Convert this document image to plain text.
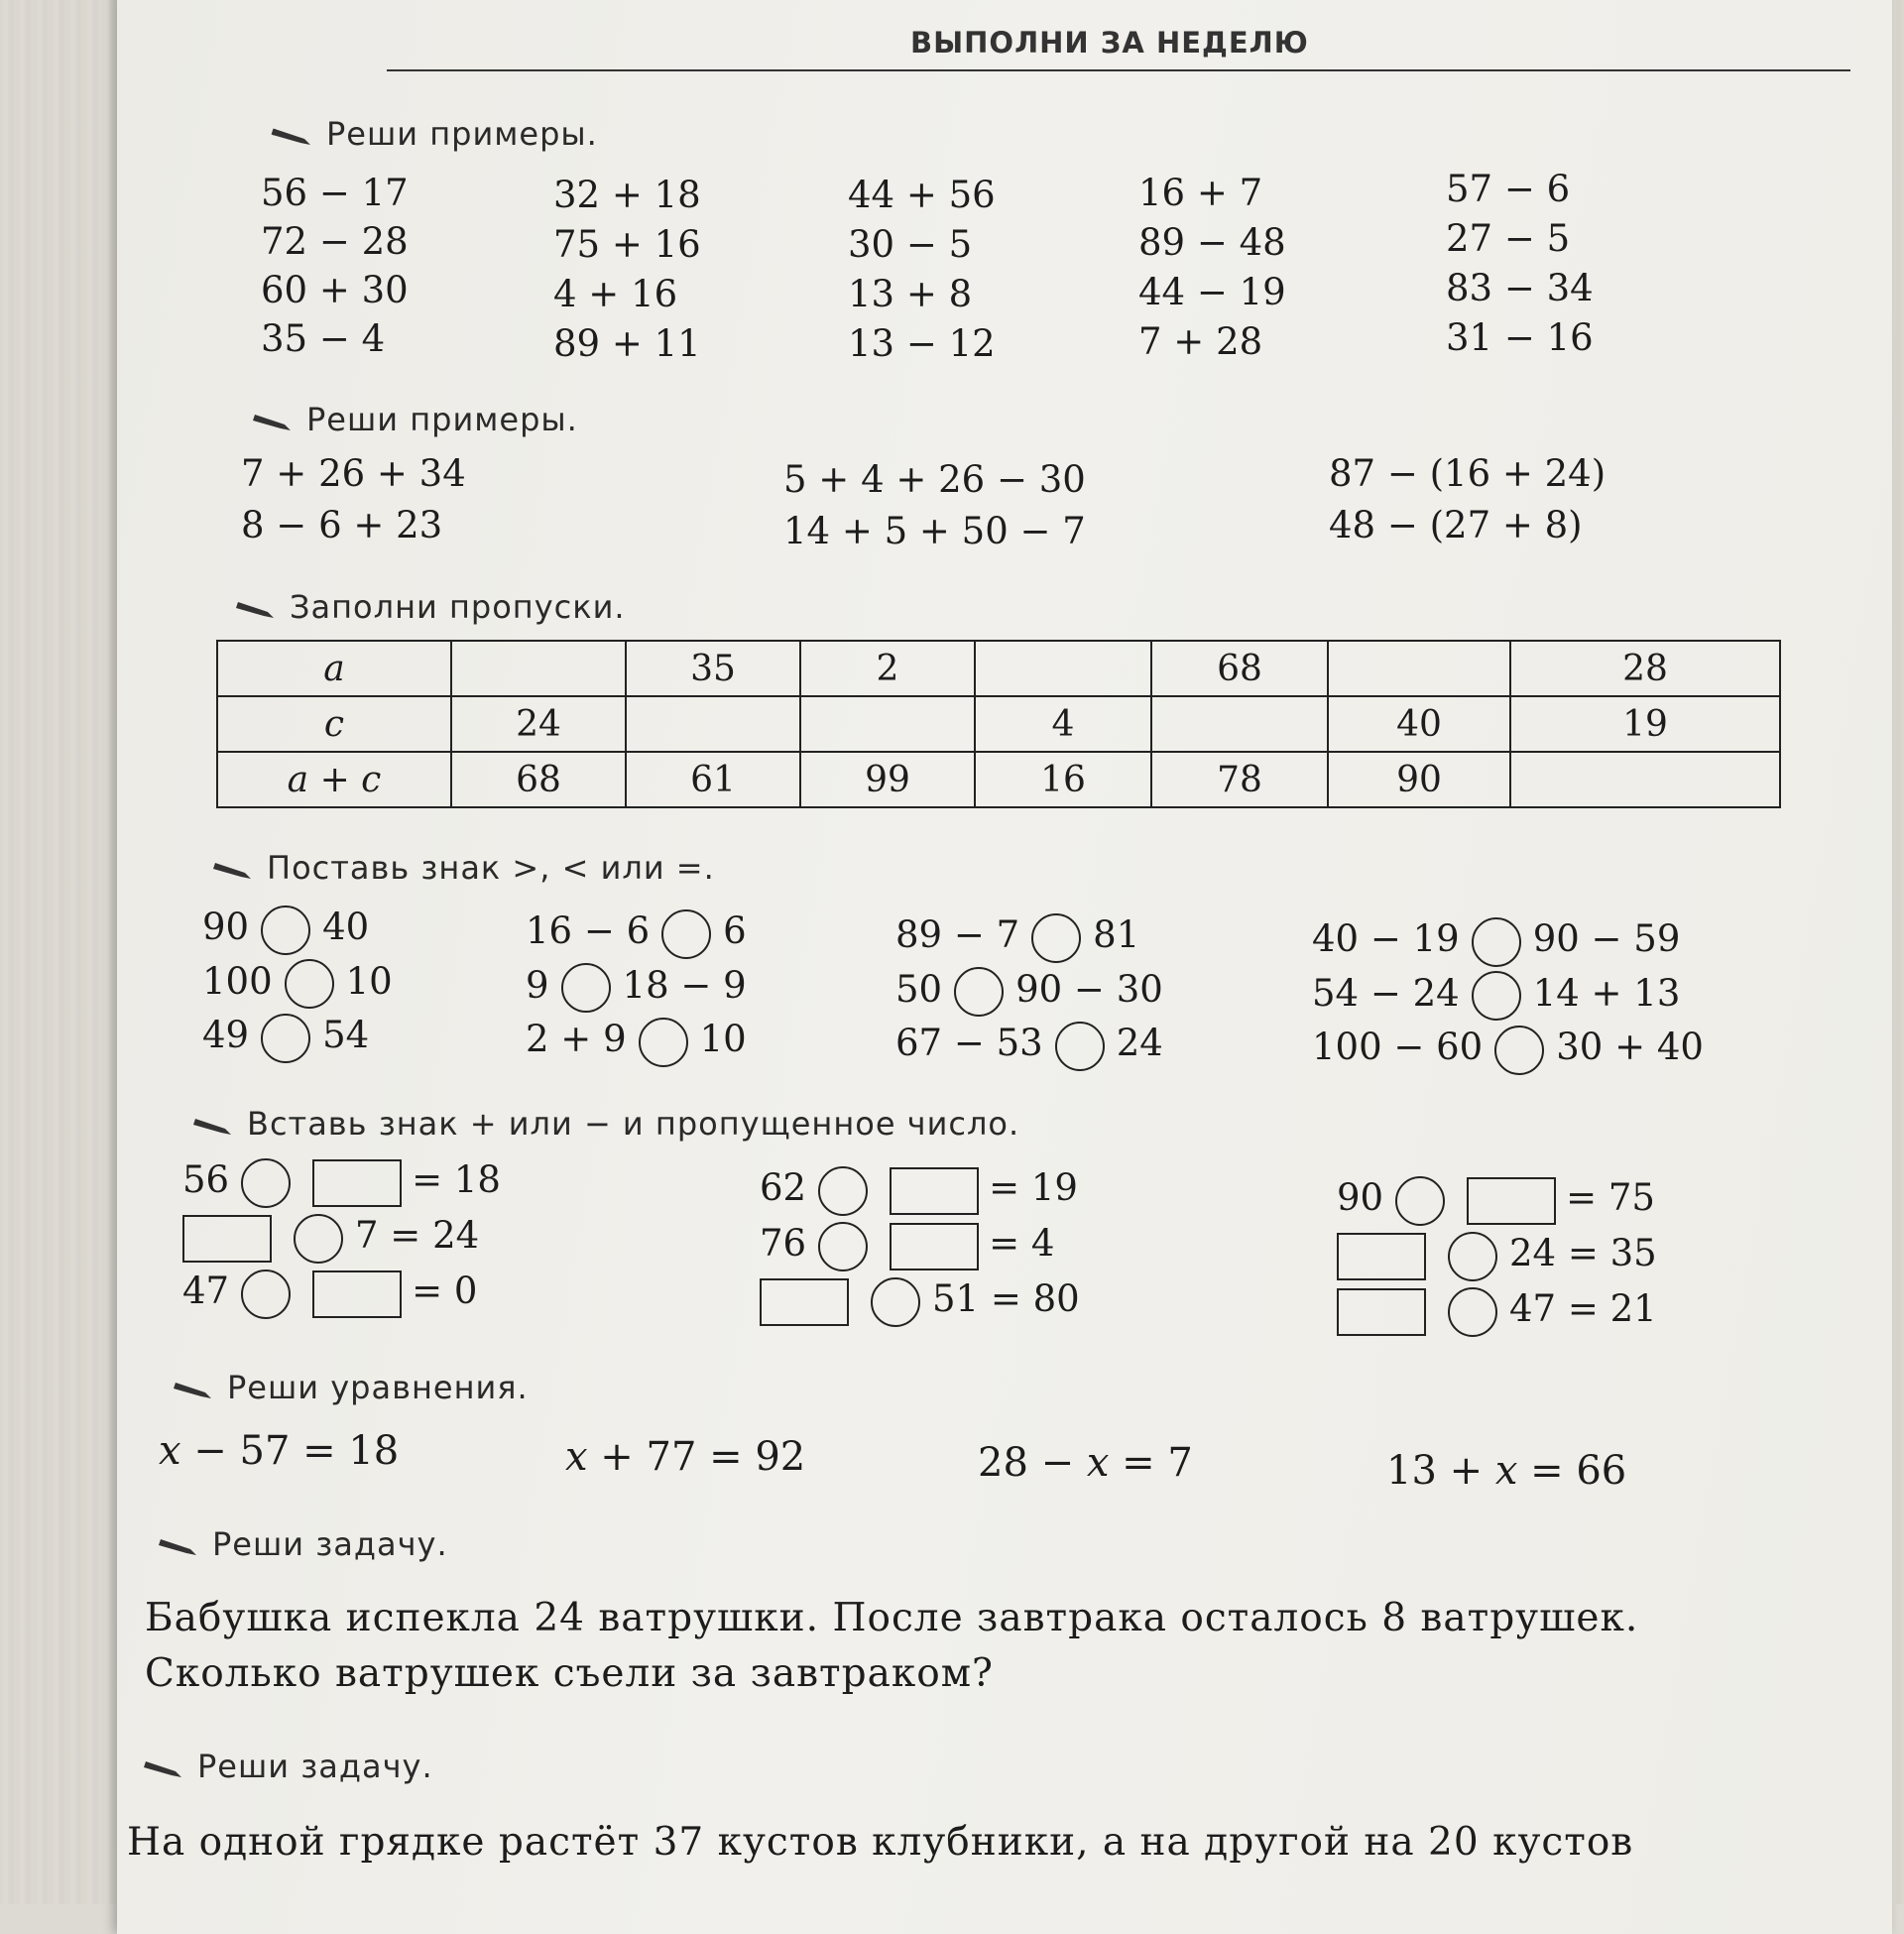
ВЫПОЛНИ ЗА НЕДЕЛЮ
Реши примеры.
56 − 17
72 − 28
60 + 30
35 − 4
32 + 18
75 + 16
4 + 16
89 + 11
44 + 56
30 − 5
13 + 8
13 − 12
16 + 7
89 − 48
44 − 19
7 + 28
57 − 6
27 − 5
83 − 34
31 − 16
Реши примеры.
7 + 26 + 34
8 − 6 + 23
5 + 4 + 26 − 30
14 + 5 + 50 − 7
87 − (16 + 24)
48 − (27 + 8)
Заполни пропуски.
a		35	2		68		28
c	24			4		40	19
a + c	68	61	99	16	78	90	
Поставь знак >, < или =.
90 40
100 10
49 54
16 − 6 6
9 18 − 9
2 + 9 10
89 − 7 81
50 90 − 30
67 − 53 24
40 − 19 90 − 59
54 − 24 14 + 13
100 − 60 30 + 40
Вставь знак + или − и пропущенное число.
56	= 18
7 = 24
47	= 0
62	= 19
76	= 4
51 = 80
90	= 75
24 = 35
47 = 21
Реши уравнения.
x − 57 = 18	x + 77 = 92	28 − x = 7	13 + x = 66
Реши задачу.
Бабушка испекла 24 ватрушки. После завтрака осталось 8 ватрушек.
Сколько ватрушек съели за завтраком?
Реши задачу.
На одной грядке растёт 37 кустов клубники, а на другой на 20 кустов
